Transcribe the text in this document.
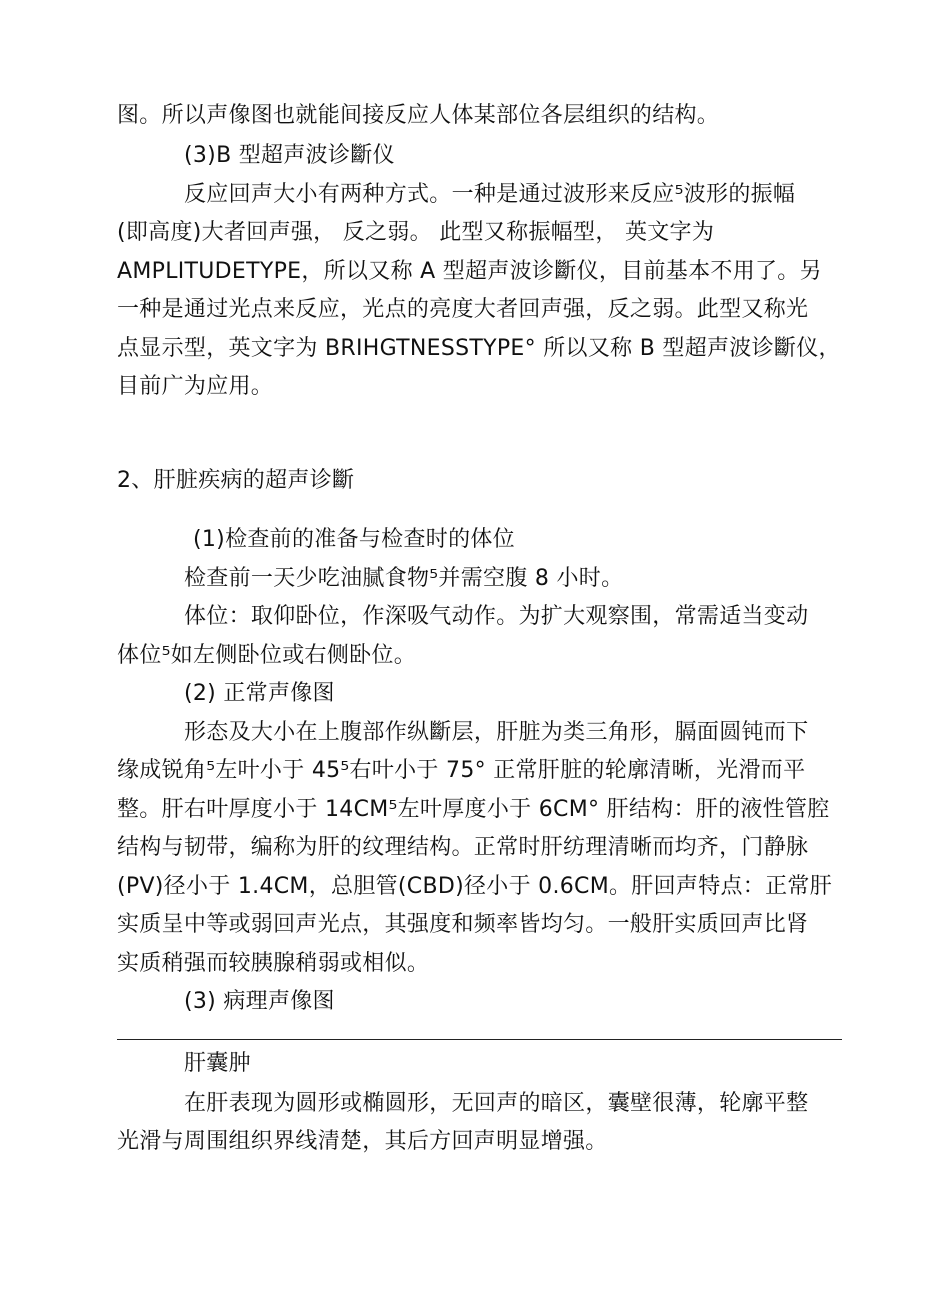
图。所以声像图也就能间接反应人体某部位各层组织的结构。

(3)B 型超声波诊斷仪

反应回声大小有两种方式。一种是通过波形来反应⁵波形的振幅

(即高度)大者回声强， 反之弱。 此型又称振幅型， 英文字为

AMPLITUDETYPE，所以又称 A 型超声波诊斷仪，目前基本不用了。另

一种是通过光点来反应，光点的亮度大者回声强，反之弱。此型又称光

点显示型，英文字为 BRIHGTNESSTYPE° 所以又称 B 型超声波诊斷仪，

目前广为应用。

2、肝脏疾病的超声诊斷

(1)检查前的准备与检查时的体位

检查前一天少吃油腻食物⁵并需空腹 8 小时。

体位：取仰卧位，作深吸气动作。为扩大观察围，常需适当变动

体位⁵如左侧卧位或右侧卧位。

(2) 正常声像图

形态及大小在上腹部作纵斷层，肝脏为类三角形，膈面圆钝而下

缘成锐角⁵左叶小于 45⁵右叶小于 75° 正常肝脏的轮廓清晰，光滑而平

整。肝右叶厚度小于 14CM⁵左叶厚度小于 6CM° 肝结构：肝的液性管腔

结构与韧带，编称为肝的纹理结构。正常时肝纺理清晰而均齐，门静脉

(PV)径小于 1.4CM，总胆管(CBD)径小于 0.6CM。肝回声特点：正常肝

实质呈中等或弱回声光点，其强度和频率皆均匀。一般肝实质回声比肾

实质稍强而较胰腺稍弱或相似。

(3) 病理声像图

肝囊肿

在肝表现为圆形或椭圆形，无回声的暗区，囊壁很薄，轮廓平整

光滑与周围组织界线清楚，其后方回声明显增强。
